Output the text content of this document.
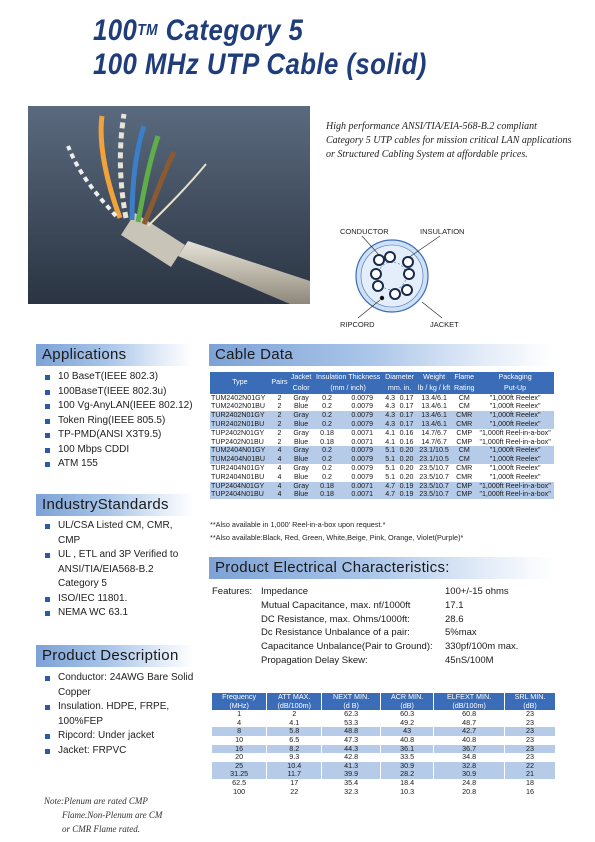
100™ Category 5
100 MHz UTP Cable (solid)
High performance ANSI/TIA/EIA-568-B.2 compliant Category 5 UTP cables for mission critical LAN applications or Structured Cabling System at affordable prices.
CONDUCTOR	INSULATION
RIPCORD	JACKET
Applications
10 BaseT(IEEE 802.3)
100BaseT(IEEE 802.3u)
100 Vg-AnyLAN(IEEE 802.12)
Token Ring(IEEE 805.5)
TP-PMD(ANSI X3T9.5)
100 Mbps CDDI
ATM 155
IndustryStandards
UL/CSA Listed CM, CMR, CMP
UL , ETL and 3P Verified to ANSI/TIA/EIA568-B.2 Category 5
ISO/IEC 11801.
NEMA WC 63.1
Product Description
Conductor: 24AWG Bare Solid Copper
Insulation. HDPE, FRPE, 100%FEP
Ripcord: Under jacket
Jacket: FRPVC
Note:Plenum are rated CMP
Flame.Non-Plenum are CM
or CMR Flame rated.
Cable Data
Type	Pairs	Jacket	Insulation Thickness		Diameter		Weight	Flame	Packaging
		Color	(mm / inch)		mm. in.		lb / kg / kft	Rating	Put-Up
TUM2402N01GY	2	Gray	0.2	0.0079	4.3	0.17	13.4/6.1	CM	"1,000ft Reelex"
TUM2402N01BU	2	Blue	0.2	0.0079	4.3	0.17	13.4/6.1	CM	"1,000ft Reelex"
TUR2402N01GY	2	Gray	0.2	0.0079	4.3	0.17	13.4/6.1	CMR	"1,000ft Reelex"
TUR2402N01BU	2	Blue	0.2	0.0079	4.3	0.17	13.4/6.1	CMR	"1,000ft Reelex"
TUP2402N01GY	2	Gray	0.18	0.0071	4.1	0.16	14.7/6.7	CMP	"1,000ft Reel-in-a-box"
TUP2402N01BU	2	Blue	0.18	0.0071	4.1	0.16	14.7/6.7	CMP	"1,000ft Reel-in-a-box"
TUM2404N01GY	4	Gray	0.2	0.0079	5.1	0.20	23.1/10.5	CM	"1,000ft Reelex"
TUM2404N01BU	4	Blue	0.2	0.0079	5.1	0.20	23.1/10.5	CM	"1,000ft Reelex"
TUR2404N01GY	4	Gray	0.2	0.0079	5.1	0.20	23.5/10.7	CMR	"1,000ft Reelex"
TUR2404N01BU	4	Blue	0.2	0.0079	5.1	0.20	23.5/10.7	CMR	"1,000ft Reelex"
TUP2404N01GY	4	Gray	0.18	0.0071	4.7	0.19	23.5/10.7	CMP	"1,000ft Reel-in-a-box"
TUP2404N01BU	4	Blue	0.18	0.0071	4.7	0.19	23.5/10.7	CMP	"1,000ft Reel-in-a-box"
**Also available in 1,000' Reel-in-a-box upon request.*
**Also available:Black, Red, Green, White,Beige, Pink, Orange, Violet(Purple)*
Product Electrical Characteristics:
Features: Impedance	100+/-15 ohms
Mutual Capacitance, max. nf/1000ft	17.1
DC Resistance, max. Ohms/1000ft:	28.6
Dc Resistance Unbalance of a pair:	5%max
Capacitance Unbalance(Pair to Ground): 330pf/100m max.
Propagation Delay Skew:	45nS/100M
Frequency	ATT MAX.	NEXT MIN.	ACR MIN.	ELFEXT MIN.	SRL MIN.
(MHz)	(dB/100m)	(d B)	(dB)	(dB/100m)	(dB)
1	2	62.3	60.3	60.8	23
4	4.1	53.3	49.2	48.7	23
8	5.8	48.8	43	42.7	23
10	6.5	47.3	40.8	40.8	23
16	8.2	44.3	36.1	36.7	23
20	9.3	42.8	33.5	34.8	23
25	10.4	41.3	30.9	32.8	22
31.25	11.7	39.9	28.2	30.9	21
62.5	17	35.4	18.4	24.8	18
100	22	32.3	10.3	20.8	16
